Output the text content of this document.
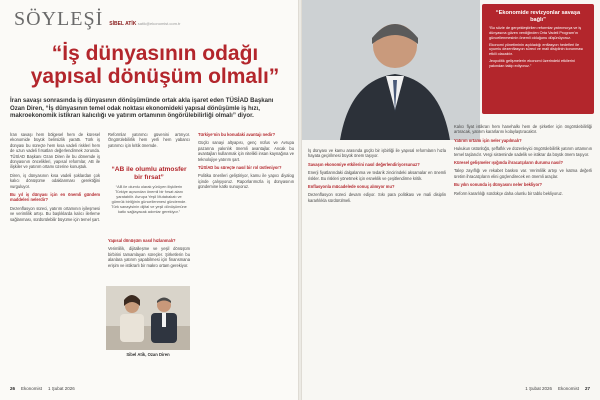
SÖYLEŞİ SİBEL ATİK satik@ekonomist.com.tr
“İş dünyasının odağı yapısal dönüşüm olmalı”

İran savaşı hem bölgesel hem de küresel ekonomide büyük belirsizlik yarattı. Türk iş dünyası bu süreçte hem kısa vadeli riskleri hem de uzun vadeli fırsatları değerlendirmek zorunda. TÜSİAD Başkanı Ozan Diren ile bu dönemde iş dünyasının öncelikleri, yapısal reformlar, AB ile ilişkiler ve yatırım ortamı üzerine konuştuk.

Diren, iş dünyasının kısa vadeli şoklardan çok kalıcı dönüşüme odaklanması gerektiğini vurguluyor.

Bu yıl iş dünyası için en önemli gündem maddeleri nelerdir?

Dezenflasyon süreci, yatırım ortamının iyileşmesi ve verimlilik artışı. Bu başlıklarda kalıcı ilerleme sağlanması, sürdürülebilir büyüme için temel şart.

Reformlar yatırımcı güvenini artırıyor. Öngörülebilirlik hem yerli hem yabancı yatırımcı için kritik önemde.

“AB ile olumlu atmosfer bir fırsat”
“AB ile olumlu olarak yürüyen ilişkilerin Türkiye açısından önemli bir fırsat alanı yaratabilir. Avrupa Yeşil Mutabakatı ve gümrük birliğinin güncellenmesi gündemde. Türk sanayisinin dijital ve yeşil dönüşümüne katkı sağlayacak adımlar gerekiyor.”

Yapısal dönüşüm nasıl hızlanmalı?

Verimlilik, dijitalleşme ve yeşil dönüşüm birbirini tamamlayan süreçler. Şirketlerin bu alanlara yatırım yapabilmesi için finansmana erişim ve istikrarlı bir makro ortam gerekiyor.

Sibel Atik, Ozan Diren

Türkiye’nin bu konudaki avantajı nedir?

Güçlü sanayi altyapısı, genç nüfus ve Avrupa pazarına yakınlık önemli avantajlar. Ancak bu avantajları kullanmak için nitelikli insan kaynağına ve teknolojiye yatırım şart.

TÜSİAD bu süreçte nasıl bir rol üstleniyor?

Politika önerileri geliştiriyor, kamu ile yapıcı diyalog içinde çalışıyoruz. Raporlarımızla iş dünyasının gündemine katkı sunuyoruz.

26 Ekonomist 1 Şubat 2026
“Ekonomide revizyonlar savaşa bağlı”

“Bu sözle de gerçekleştirilen reformlar yatırımcıya ve iş dünyasına güven verdiğinden Orta Vadeli Program’ın güncellenmesinin önemli olduğunu düşünüyoruz.

Ekonomi yönetiminin açıkladığı enflasyon hedefleri ile uyumlu dezenflasyon süreci ve mali disiplinin korunması etkili olacaktır.

Jeopolitik gelişmelerin ekonomi üzerindeki etkilerini yakından takip ediyoruz.”

İş dünyası ve kamu arasında güçlü bir işbirliği ile yapısal reformların hızla hayata geçirilmesi büyük önem taşıyor.

Savaşın ekonomiye etkilerini nasıl değerlendiriyorsunuz?

Enerji fiyatlarındaki dalgalanma ve tedarik zincirindeki aksamalar en önemli riskler. Bu riskleri yönetmek için esneklik ve çeşitlendirme kritik.

Enflasyonla mücadelede sonuç alınıyor mu?

Dezenflasyon süreci devam ediyor. Sıkı para politikası ve mali disiplin kararlılıkla sürdürülmeli.

Kalıcı fiyat istikrarı hem hanehalkı hem de şirketler için öngörülebilirliği artıracak, yatırım kararlarını kolaylaştıracaktır.

Yatırım ortamı için neler yapılmalı?

Hukukun üstünlüğü, şeffaflık ve düzenleyici öngörülebilirlik yatırım ortamının temel taşlarıdır. Vergi sisteminde sadelik ve istikrar da büyük önem taşıyor.

Küresel gelişmeler ışığında ihracatçıların durumu nasıl?

Talep zayıflığı ve rekabet baskısı var. Verimlilik artışı ve katma değerli üretim ihracatçıların elini güçlendirecek en önemli araçlar.

Bu yılın sonunda iş dünyasını neler bekliyor?

Reform kararlılığı sürdükçe daha olumlu bir tablo bekliyoruz.

1 Şubat 2026 Ekonomist 27
İran savaşı sonrasında iş dünyasının dönüşümünde ortak akla işaret eden TÜSİAD Başkanı Ozan Diren, “İş dünyasının temel odak noktası ekonomideki yapısal dönüşümle iş hızı, makroekonomik istikrarı kalıcılığı ve yatırım ortamının öngörülebilirliği olmalı” diyor.
